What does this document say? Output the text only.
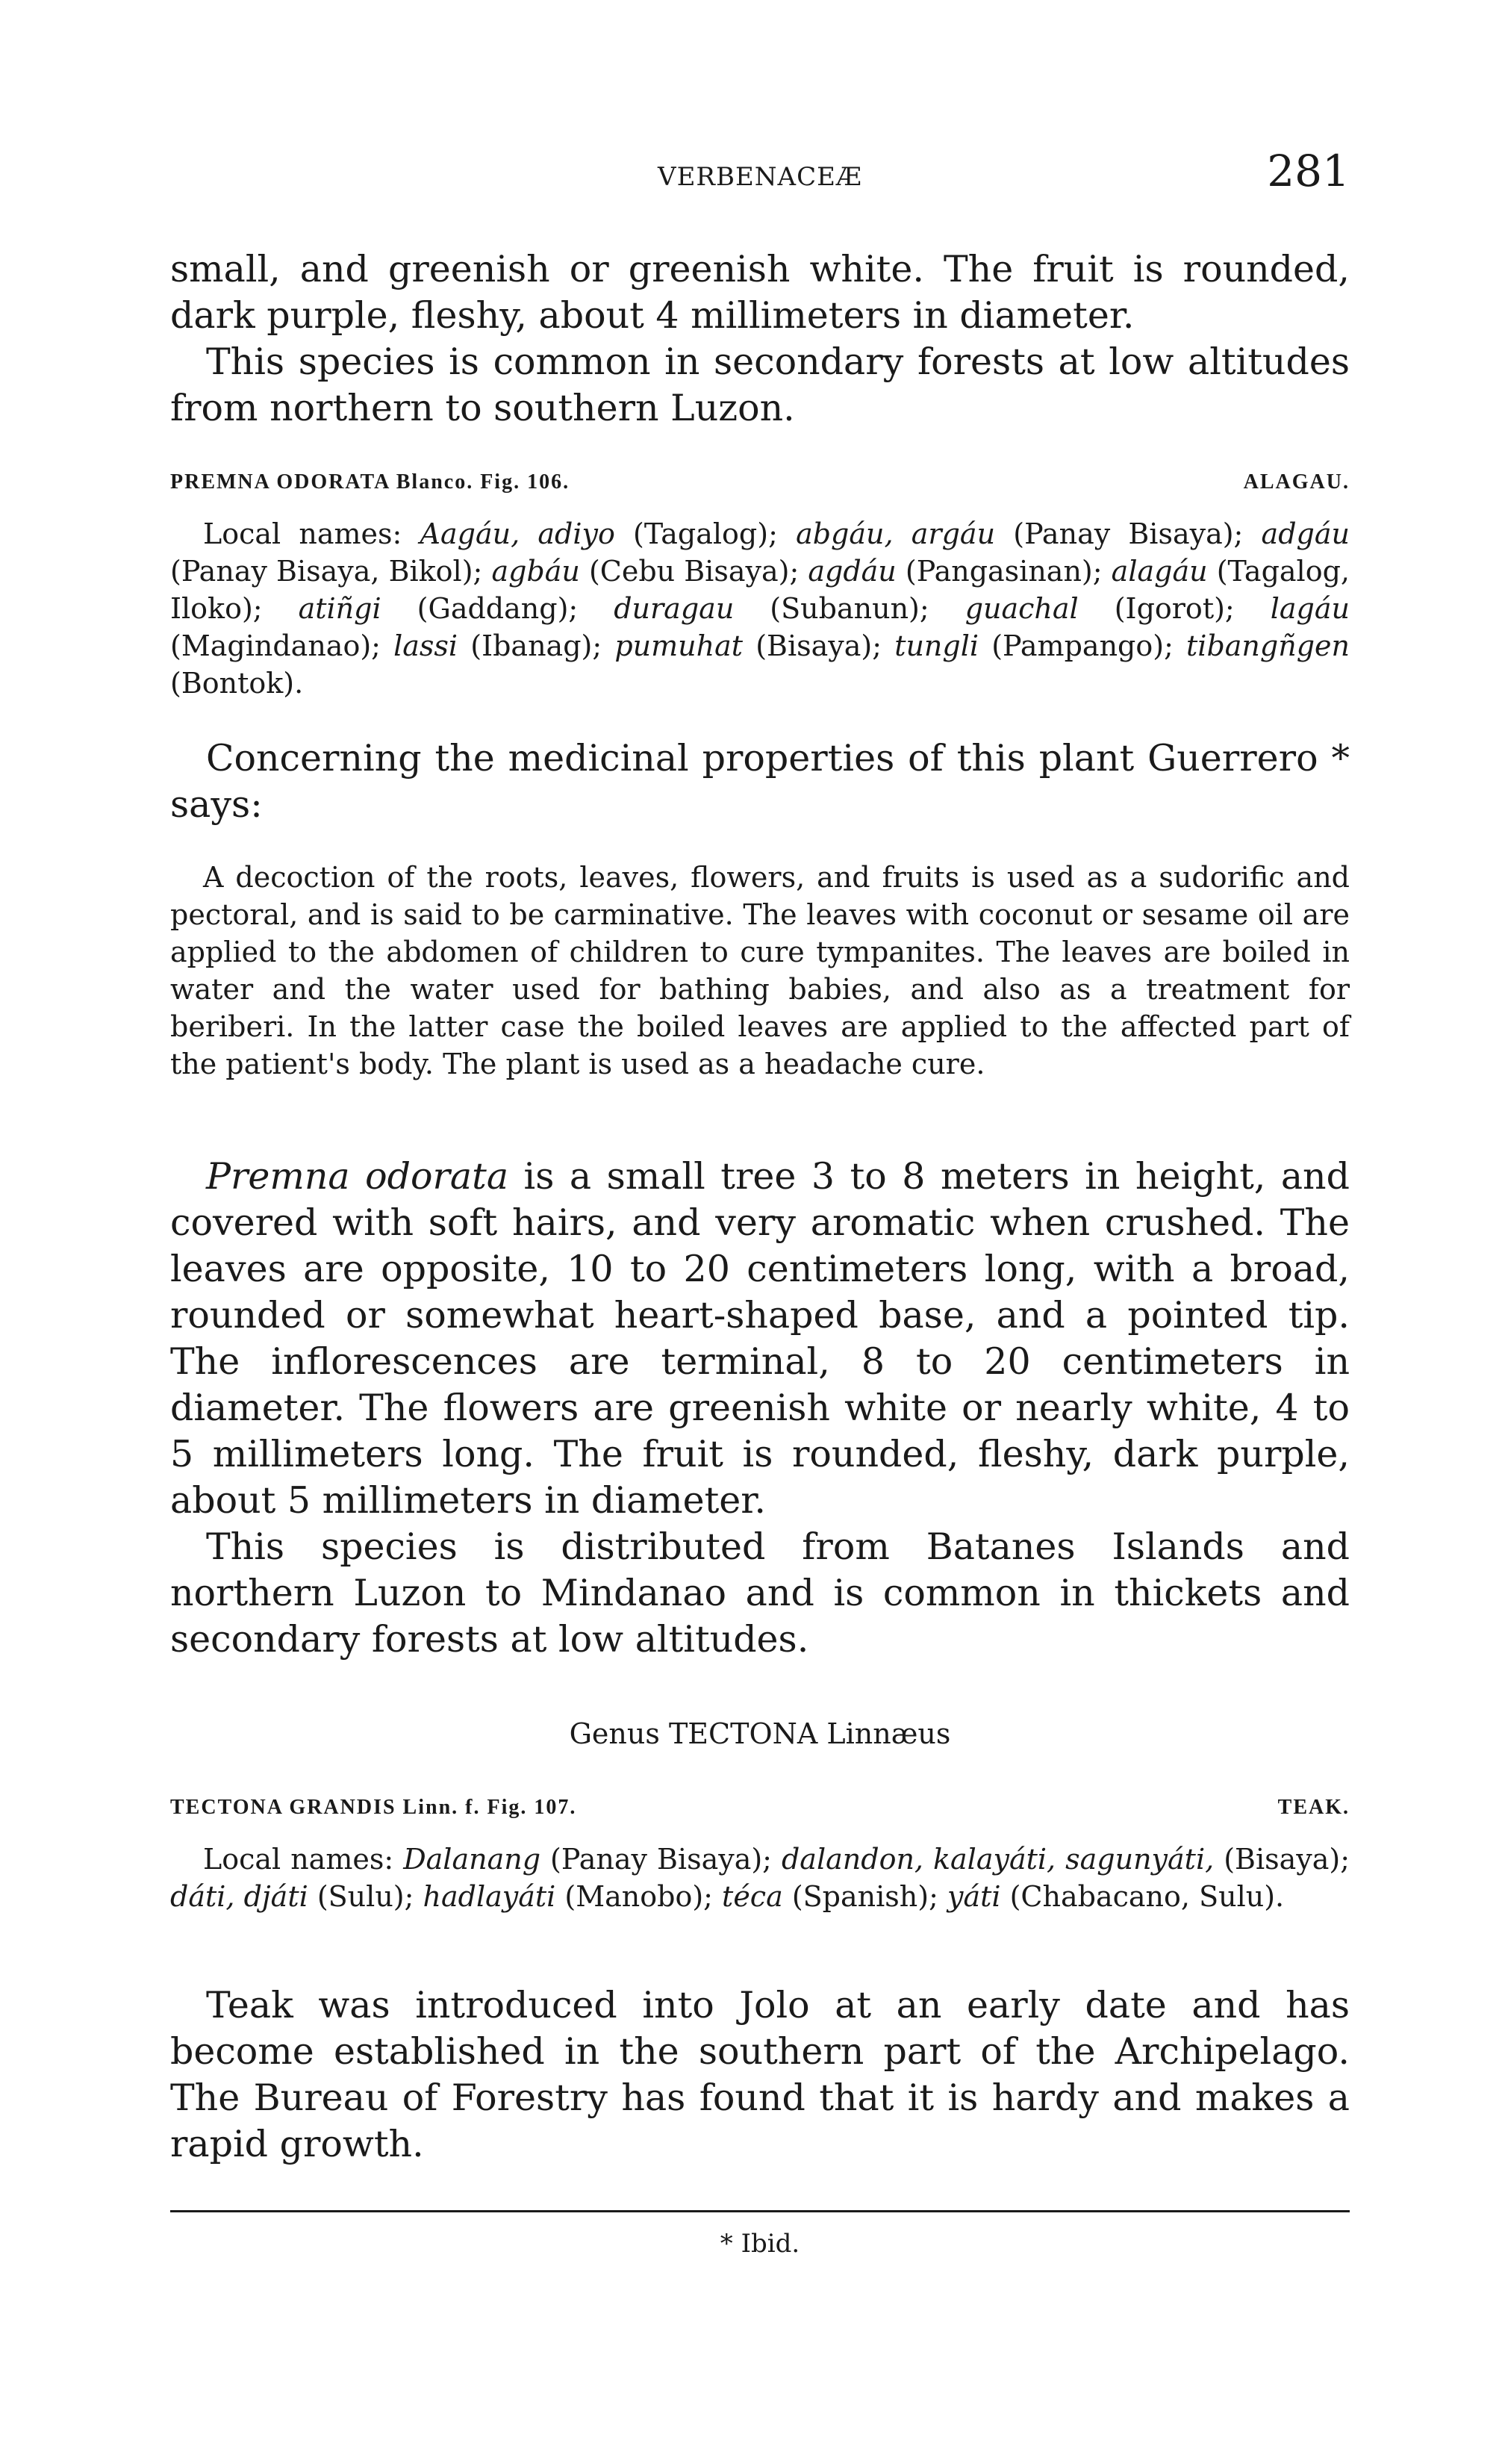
VERBENACEÆ	281

small, and greenish or greenish white. The fruit is rounded, dark purple, fleshy, about 4 millimeters in diameter.

This species is common in secondary forests at low altitudes from northern to southern Luzon.

PREMNA ODORATA Blanco. Fig. 106.	ALAGAU.

Local names: Aagáu, adiyo (Tagalog); abgáu, argáu (Panay Bisaya); adgáu (Panay Bisaya, Bikol); agbáu (Cebu Bisaya); agdáu (Pangasinan); alagáu (Tagalog, Iloko); atiñgi (Gaddang); duragau (Subanun); guachal (Igorot); lagáu (Magindanao); lassi (Ibanag); pumuhat (Bisaya); tungli (Pampango); tibangñgen (Bontok).

Concerning the medicinal properties of this plant Guerrero * says:

A decoction of the roots, leaves, flowers, and fruits is used as a sudorific and pectoral, and is said to be carminative. The leaves with coconut or sesame oil are applied to the abdomen of children to cure tympanites. The leaves are boiled in water and the water used for bathing babies, and also as a treatment for beriberi. In the latter case the boiled leaves are applied to the affected part of the patient's body. The plant is used as a headache cure.

Premna odorata is a small tree 3 to 8 meters in height, and covered with soft hairs, and very aromatic when crushed. The leaves are opposite, 10 to 20 centimeters long, with a broad, rounded or somewhat heart-shaped base, and a pointed tip. The inflorescences are terminal, 8 to 20 centimeters in diameter. The flowers are greenish white or nearly white, 4 to 5 millimeters long. The fruit is rounded, fleshy, dark purple, about 5 millimeters in diameter.

This species is distributed from Batanes Islands and northern Luzon to Mindanao and is common in thickets and secondary forests at low altitudes.

Genus TECTONA Linnæus
TECTONA GRANDIS Linn. f. Fig. 107.	TEAK.

Local names: Dalanang (Panay Bisaya); dalandon, kalayáti, sagunyáti, (Bisaya); dáti, djáti (Sulu); hadlayáti (Manobo); téca (Spanish); yáti (Chabacano, Sulu).

Teak was introduced into Jolo at an early date and has become established in the southern part of the Archipelago. The Bureau of Forestry has found that it is hardy and makes a rapid growth.

* Ibid.
